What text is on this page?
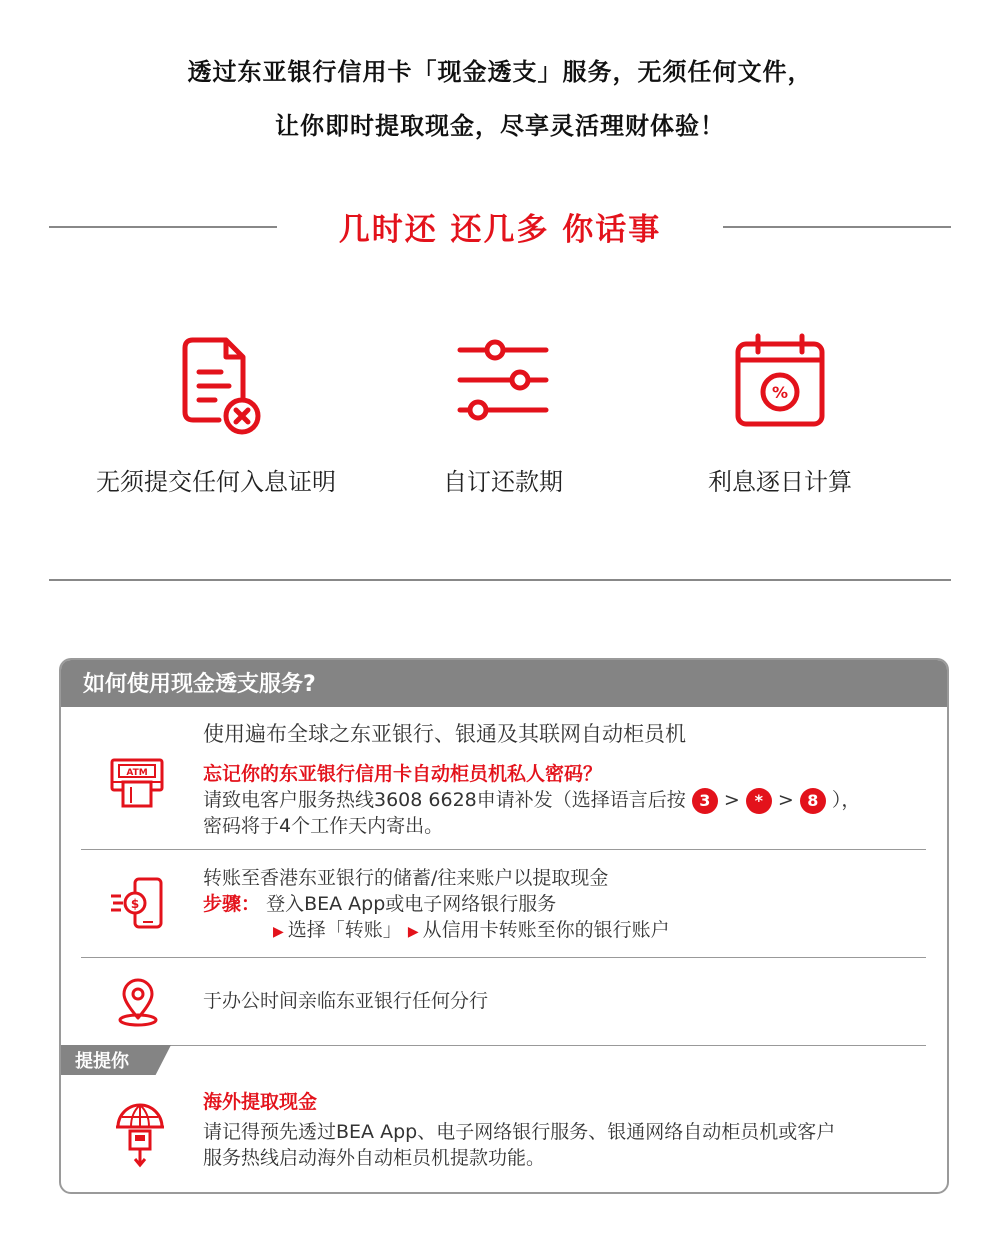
透过东亚银行信用卡「现金透支」服务，无须任何文件，
让你即时提取现金，尽享灵活理财体验！
几时还 还几多 你话事
无须提交任何入息证明	自订还款期
%
利息逐日计算
如何使用现金透支服务?
ATM
使用遍布全球之东亚银行、银通及其联网自动柜员机
忘记你的东亚银行信用卡自动柜员机私人密码？
请致电客户服务热线3608 6628申请补发（选择语言后按 3 > * > 8 ），
密码将于4个工作天内寄出。
$
转账至香港东亚银行的储蓄/往来账户以提取现金
步骤： 登入BEA App或电子网络银行服务
▶ 选择「转账」 ▶ 从信用卡转账至你的银行账户
于办公时间亲临东亚银行任何分行
提提你
海外提取现金
请记得预先透过BEA App、电子网络银行服务、银通网络自动柜员机或客户
服务热线启动海外自动柜员机提款功能。
